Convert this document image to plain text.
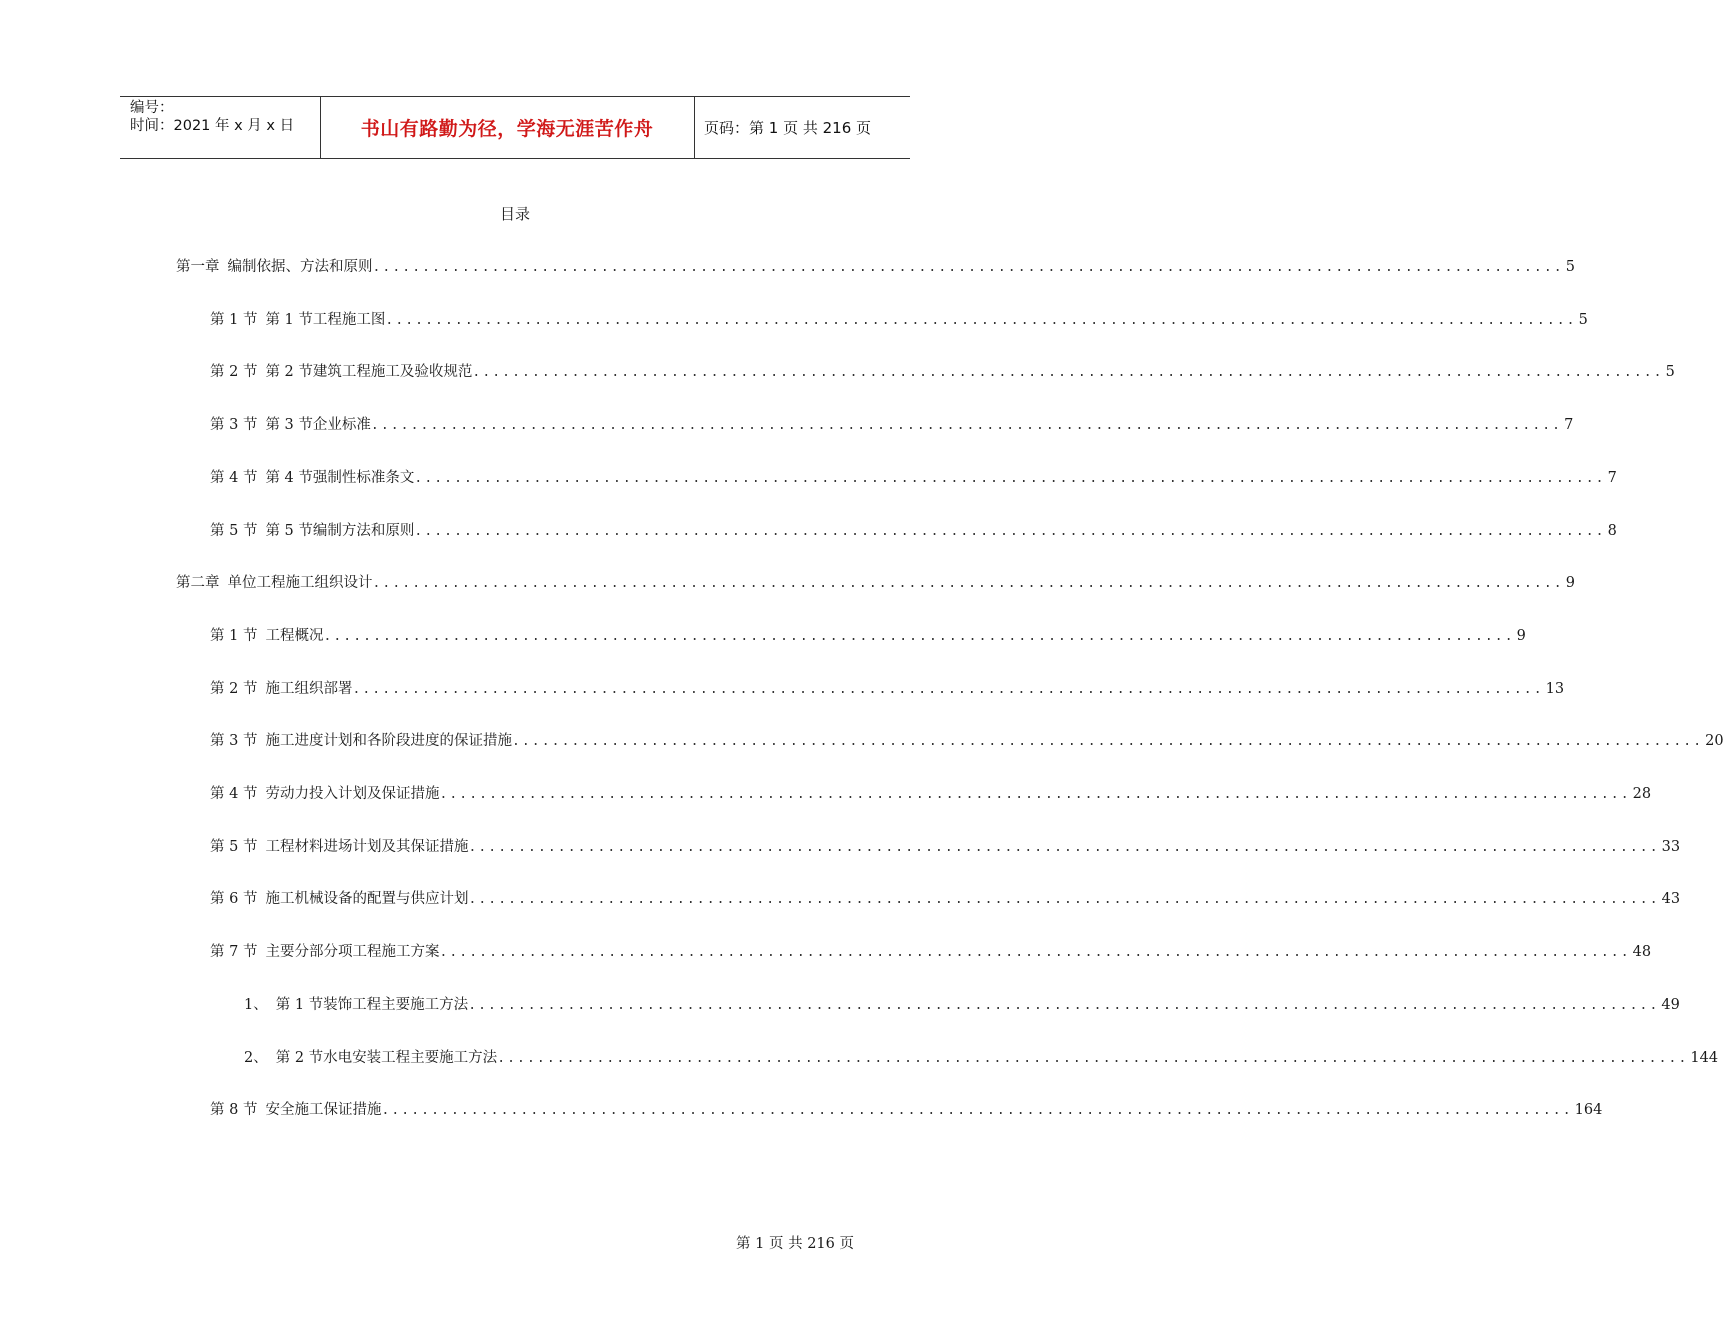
编号：
时间：2021 年 x 月 x 日	书山有路勤为径，学海无涯苦作舟	页码：第 1 页 共 216 页
目录
第一章 编制依据、方法和原则 ........................................................................................................................ 5
第 1 节 第 1 节工程施工图 ........................................................................................................................ 5
第 2 节 第 2 节建筑工程施工及验收规范 ........................................................................................................................ 5
第 3 节 第 3 节企业标准 ........................................................................................................................ 7
第 4 节 第 4 节强制性标准条文 ........................................................................................................................ 7
第 5 节 第 5 节编制方法和原则 ........................................................................................................................ 8
第二章 单位工程施工组织设计 ........................................................................................................................ 9
第 1 节 工程概况 ........................................................................................................................ 9
第 2 节 施工组织部署 ........................................................................................................................ 13
第 3 节 施工进度计划和各阶段进度的保证措施 ........................................................................................................................ 20
第 4 节 劳动力投入计划及保证措施 ........................................................................................................................ 28
第 5 节 工程材料进场计划及其保证措施 ........................................................................................................................ 33
第 6 节 施工机械设备的配置与供应计划 ........................................................................................................................ 43
第 7 节 主要分部分项工程施工方案 ........................................................................................................................ 48
1、 第 1 节装饰工程主要施工方法 ........................................................................................................................ 49
2、 第 2 节水电安装工程主要施工方法 ........................................................................................................................ 144
第 8 节 安全施工保证措施 ........................................................................................................................ 164
第 1 页 共 216 页
